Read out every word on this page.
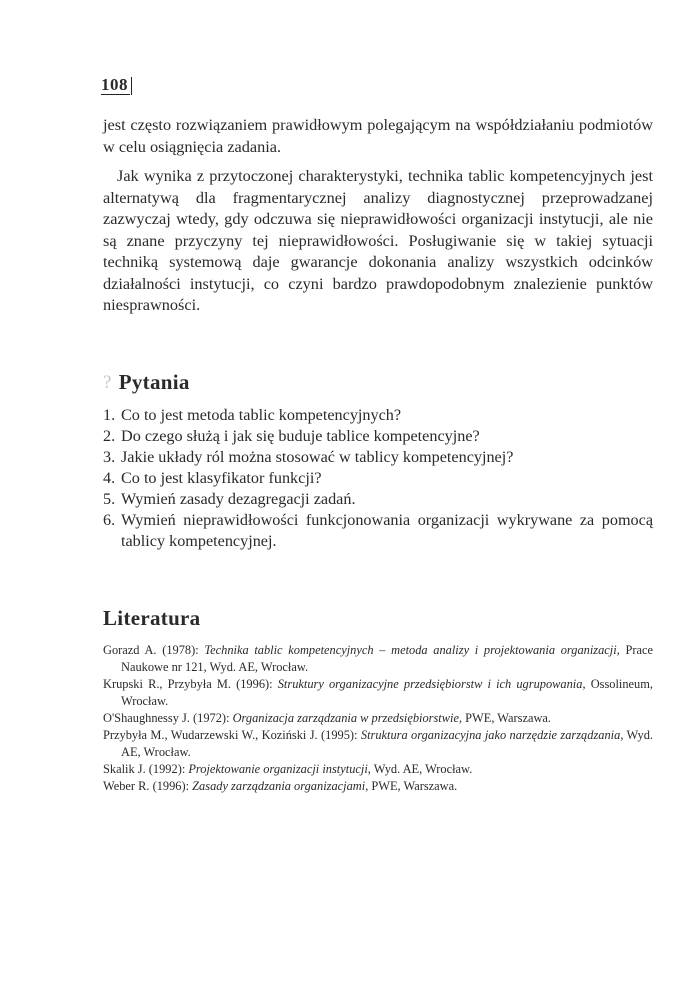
108

jest często rozwiązaniem prawidłowym polegającym na współdziałaniu podmiotów w celu osiągnięcia zadania.

Jak wynika z przytoczonej charakterystyki, technika tablic kompetencyjnych jest alternatywą dla fragmentarycznej analizy diagnostycznej przeprowadzanej zazwyczaj wtedy, gdy odczuwa się nieprawidłowości organizacji instytucji, ale nie są znane przyczyny tej nieprawidłowości. Posługiwanie się w takiej sytuacji techniką systemową daje gwarancje dokonania analizy wszystkich odcinków działalności instytucji, co czyni bardzo prawdopodobnym znalezienie punktów niesprawności.

? Pytania
1. Co to jest metoda tablic kompetencyjnych?
2. Do czego służą i jak się buduje tablice kompetencyjne?
3. Jakie układy ról można stosować w tablicy kompetencyjnej?
4. Co to jest klasyfikator funkcji?
5. Wymień zasady dezagregacji zadań.
6. Wymień nieprawidłowości funkcjonowania organizacji wykrywane za pomocą tablicy kompetencyjnej.
Literatura
Gorazd A. (1978): Technika tablic kompetencyjnych – metoda analizy i projektowania organizacji, Prace Naukowe nr 121, Wyd. AE, Wrocław.
Krupski R., Przybyła M. (1996): Struktury organizacyjne przedsiębiorstw i ich ugrupowania, Ossolineum, Wrocław.
O'Shaughnessy J. (1972): Organizacja zarządzania w przedsiębiorstwie, PWE, Warszawa.
Przybyła M., Wudarzewski W., Koziński J. (1995): Struktura organizacyjna jako narzędzie zarządzania, Wyd. AE, Wrocław.
Skalik J. (1992): Projektowanie organizacji instytucji, Wyd. AE, Wrocław.
Weber R. (1996): Zasady zarządzania organizacjami, PWE, Warszawa.
